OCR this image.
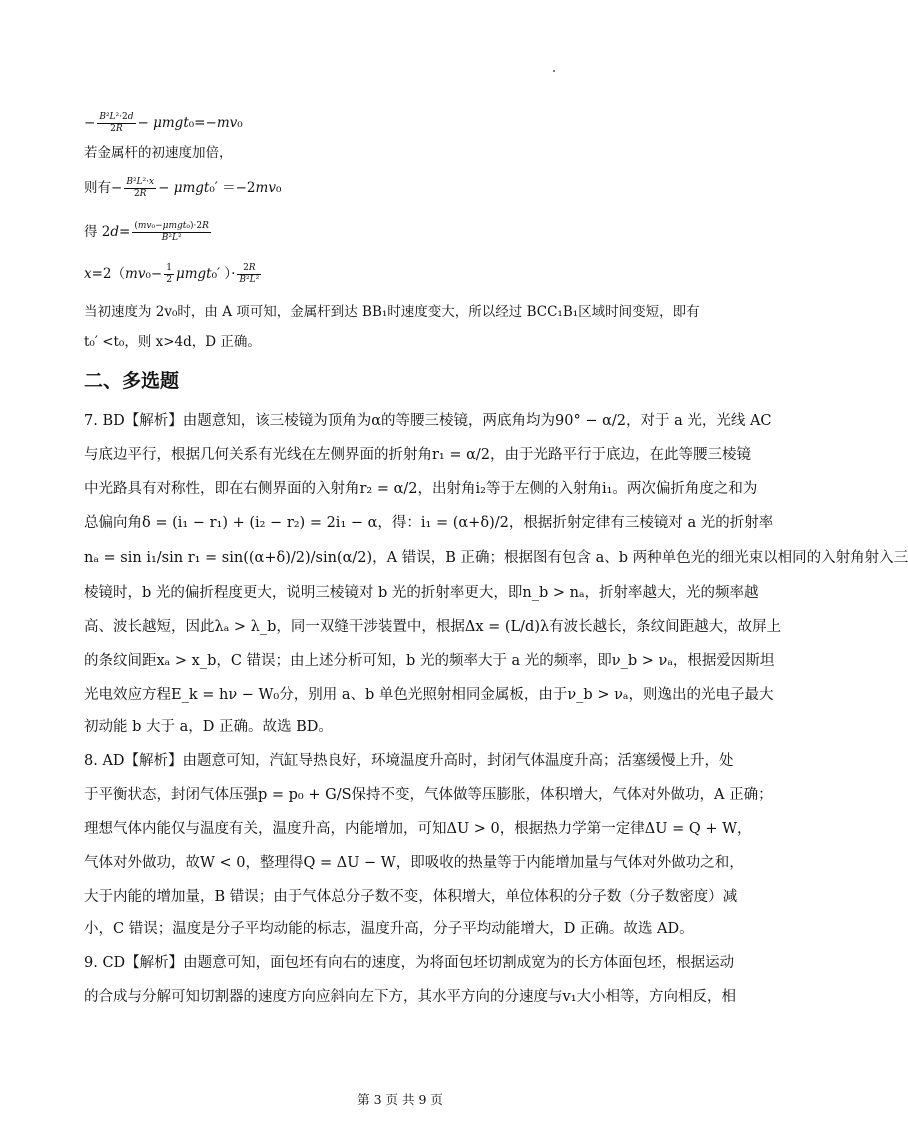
− $\frac{\text{B²L²·2d}}{2R} - \mu mgt_0=-mv_0$
若金属杆的初速度加倍，
则有− $\frac{\text{B²L²·x}}{2R} - \mu mgt_0' =-2mv_0$
得 $2d= \frac{\text{(mv₀−μmgt₀)·2R}}{\text{B²L²}}$
$x=2(mv_0- \frac{1}{2} \mu mgt_0'$ ）· $\frac{2R}{\text{B²L²}}$
当初速度为 2v₀时，由 A 项可知，金属杆到达 BB₁时速度变大，所以经过 BCC₁B₁区域时间变短，即有
t₀′ <t₀，则 x>4d，D 正确。
二、多选题
7. BD【解析】由题意知，该三棱镜为顶角为α的等腰三棱镜，两底角均为90° − α/2，对于 a 光，光线 AC
与底边平行，根据几何关系有光线在左侧界面的折射角r₁ = α/2，由于光路平行于底边，在此等腰三棱镜
中光路具有对称性，即在右侧界面的入射角r₂ = α/2，出射角i₂等于左侧的入射角i₁。两次偏折角度之和为
总偏向角δ = (i₁ − r₁) + (i₂ − r₂) = 2i₁ − α，得：i₁ = (α+δ)/2，根据折射定律有三棱镜对 a 光的折射率
nₐ = sin i₁/sin r₁ = sin((α+δ)/2)/sin(α/2)，A 错误，B 正确；根据图有包含 a、b 两种单色光的细光束以相同的入射角射入三
棱镜时，b 光的偏折程度更大，说明三棱镜对 b 光的折射率更大，即n_b > nₐ，折射率越大，光的频率越
高、波长越短，因此λₐ > λ_b，同一双缝干涉装置中，根据Δx = (L/d)λ有波长越长，条纹间距越大，故屏上
的条纹间距xₐ > x_b，C 错误；由上述分析可知，b 光的频率大于 a 光的频率，即ν_b > νₐ，根据爱因斯坦
光电效应方程E_k = hν − W₀分，别用 a、b 单色光照射相同金属板，由于ν_b > νₐ，则逸出的光电子最大
初动能 b 大于 a，D 正确。故选 BD。
8. AD【解析】由题意可知，汽缸导热良好，环境温度升高时，封闭气体温度升高；活塞缓慢上升，处
于平衡状态，封闭气体压强p = p₀ + G/S保持不变，气体做等压膨胀，体积增大，气体对外做功，A 正确；
理想气体内能仅与温度有关，温度升高，内能增加，可知ΔU > 0，根据热力学第一定律ΔU = Q + W，
气体对外做功，故W < 0，整理得Q = ΔU − W，即吸收的热量等于内能增加量与气体对外做功之和，
大于内能的增加量，B 错误；由于气体总分子数不变，体积增大，单位体积的分子数（分子数密度）减
小，C 错误；温度是分子平均动能的标志，温度升高，分子平均动能增大，D 正确。故选 AD。
9. CD【解析】由题意可知，面包坯有向右的速度，为将面包坯切割成宽为的长方体面包坯，根据运动
的合成与分解可知切割器的速度方向应斜向左下方，其水平方向的分速度与v₁大小相等，方向相反，相
第 3 页 共 9 页
